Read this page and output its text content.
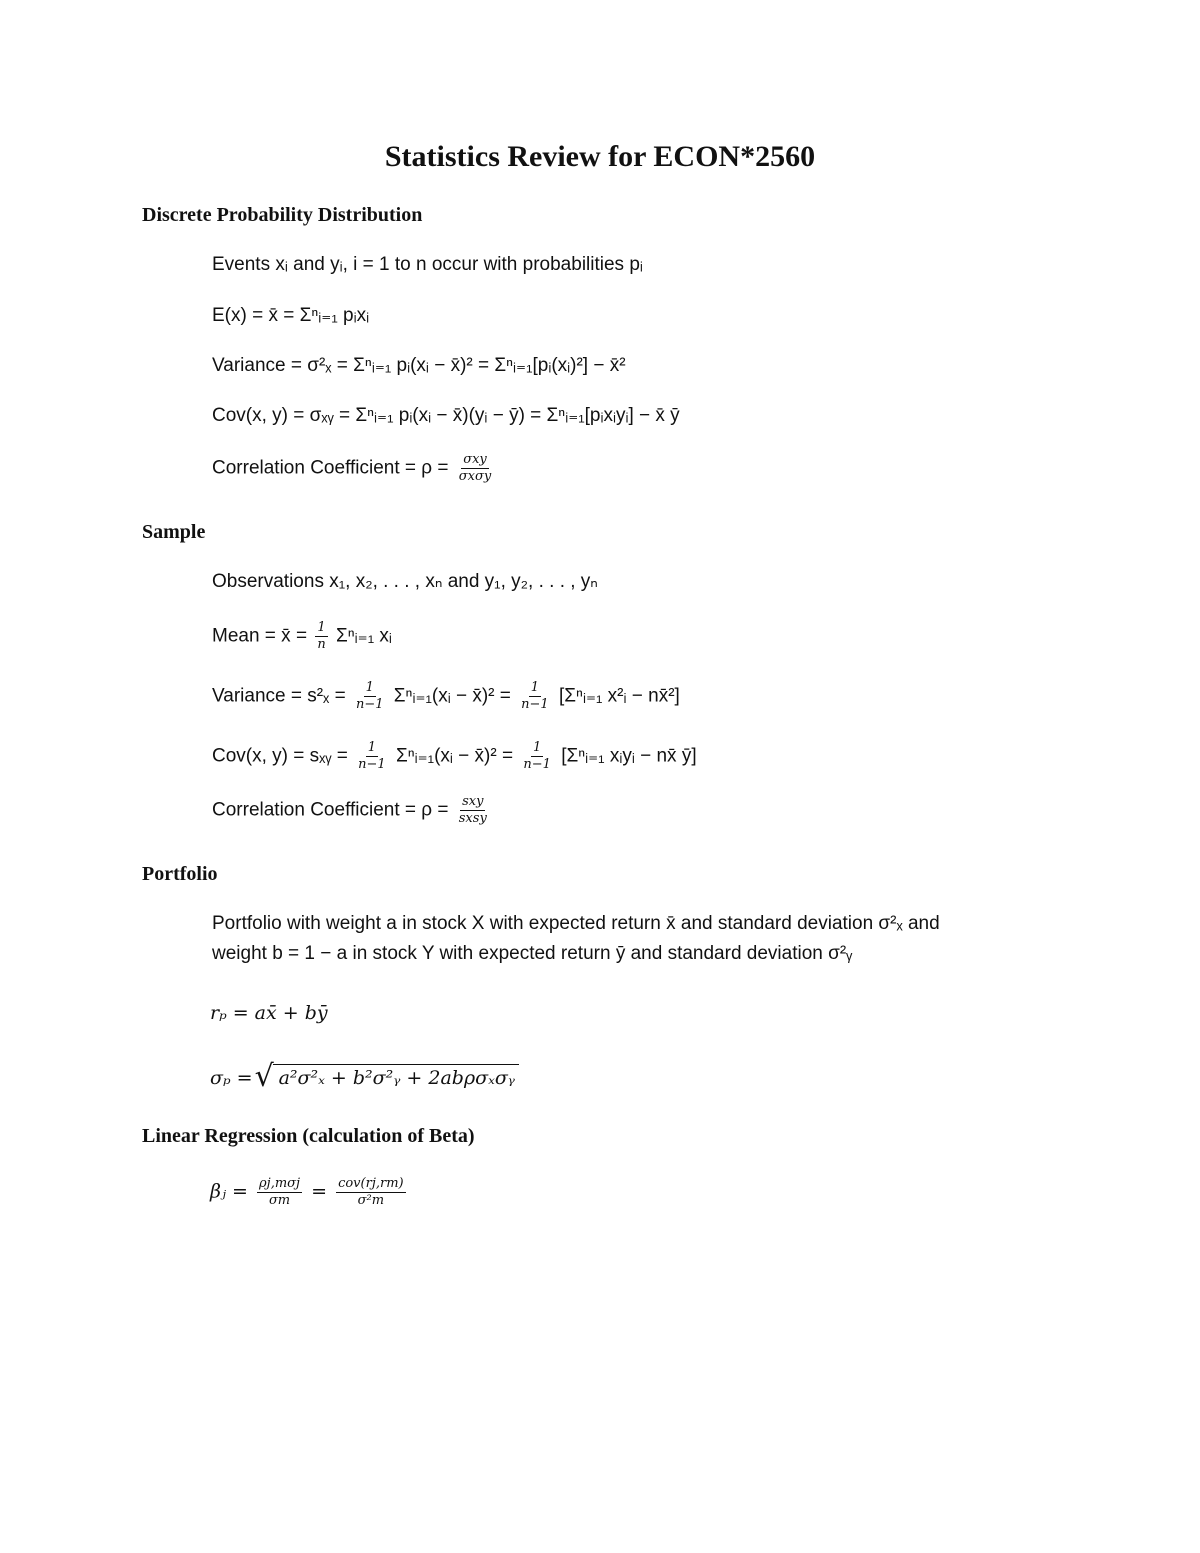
Statistics Review for ECON*2560
Discrete Probability Distribution
Events xᵢ and yᵢ, i = 1 to n occur with probabilities pᵢ
E(x) = x̄ = Σⁿᵢ₌₁ pᵢxᵢ
Variance = σ²ₓ = Σⁿᵢ₌₁ pᵢ(xᵢ − x̄)² = Σⁿᵢ₌₁[pᵢ(xᵢ)²] − x̄²
Cov(x, y) = σₓᵧ = Σⁿᵢ₌₁ pᵢ(xᵢ − x̄)(yᵢ − ȳ) = Σⁿᵢ₌₁[pᵢxᵢyᵢ] − x̄ ȳ
Correlation Coefficient = $\rho = \frac{\text{σxy}}{\text{σxσy}}$
Sample
Observations x₁, x₂, . . . , xₙ and y₁, y₂, . . . , yₙ
Mean = x̄ = $\frac{1}{n}$ Σⁿᵢ₌₁ xᵢ
Variance = $s^2_x = \frac{1}{n-1}$ Σⁿᵢ₌₁(xᵢ − x̄)² = $\frac{1}{n-1}$ [Σⁿᵢ₌₁ x²ᵢ − nx̄²]
Cov(x, y) = sₓᵧ = $\frac{1}{n-1}$ Σⁿᵢ₌₁(xᵢ − x̄)² = $\frac{1}{n-1}$ [Σⁿᵢ₌₁ xᵢyᵢ − nx̄ ȳ]
Correlation Coefficient = $\rho = \frac{\text{sxy}}{\text{sxsy}}$
Portfolio
Portfolio with weight a in stock X with expected return x̄ and standard deviation σ²ₓ and
weight b = 1 − a in stock Y with expected return ȳ and standard deviation σ²ᵧ
rₚ = ax̄ + bȳ
σₚ = √ a²σ²ₓ + b²σ²ᵧ + 2abρσₓσᵧ
Linear Regression (calculation of Beta)
βⱼ = $\frac{\text{ρj,mσj}}{\sigma m} = \frac{\text{cov(rj,rm)}}{\text{σ²m}}$
